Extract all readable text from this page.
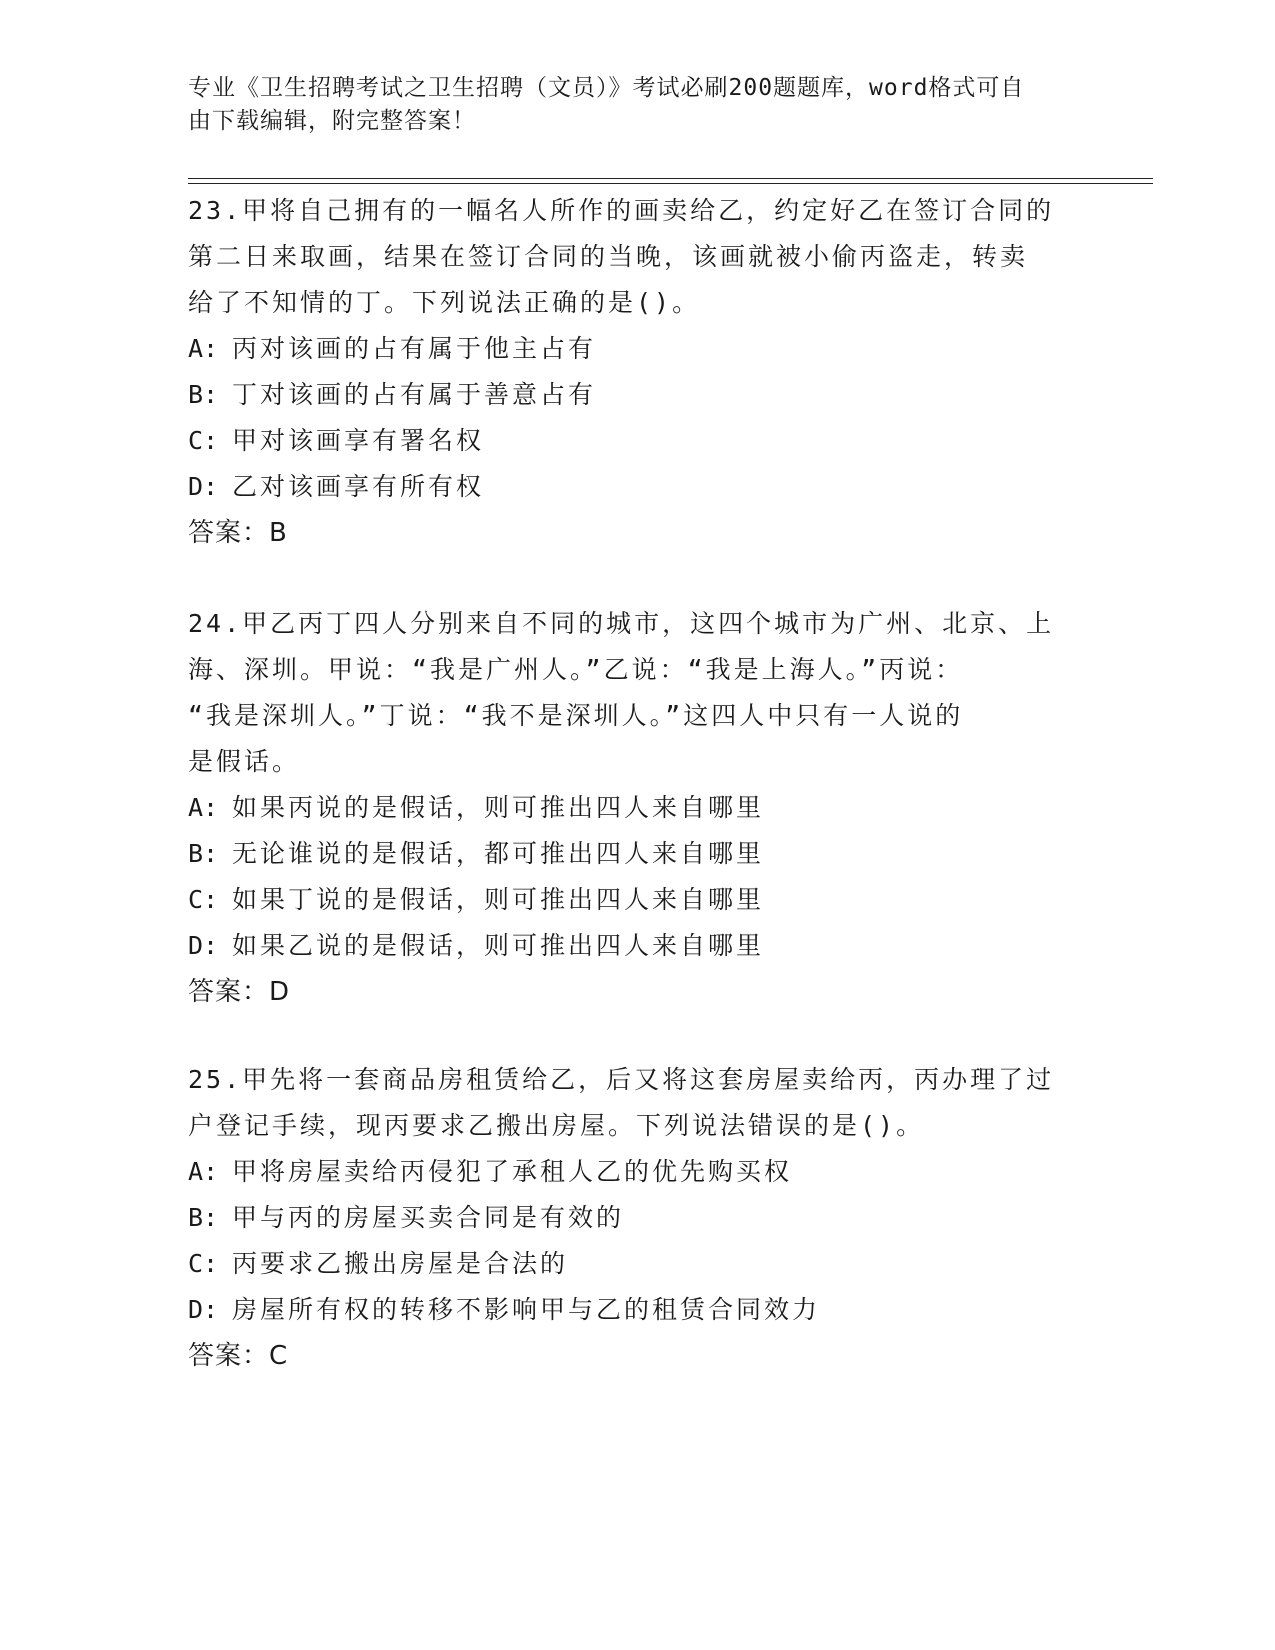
专业《卫生招聘考试之卫生招聘（文员）》考试必刷200题题库，word格式可自
由下载编辑，附完整答案！
23.甲将自己拥有的一幅名人所作的画卖给乙，约定好乙在签订合同的
第二日来取画，结果在签订合同的当晚，该画就被小偷丙盗走，转卖
给了不知情的丁。下列说法正确的是()。
A: 丙对该画的占有属于他主占有
B: 丁对该画的占有属于善意占有
C: 甲对该画享有署名权
D: 乙对该画享有所有权
答案：B
24.甲乙丙丁四人分别来自不同的城市，这四个城市为广州、北京、上
海、深圳。甲说：“我是广州人。”乙说：“我是上海人。”丙说：
“我是深圳人。”丁说：“我不是深圳人。”这四人中只有一人说的
是假话。
A: 如果丙说的是假话，则可推出四人来自哪里
B: 无论谁说的是假话，都可推出四人来自哪里
C: 如果丁说的是假话，则可推出四人来自哪里
D: 如果乙说的是假话，则可推出四人来自哪里
答案：D
25.甲先将一套商品房租赁给乙，后又将这套房屋卖给丙，丙办理了过
户登记手续，现丙要求乙搬出房屋。下列说法错误的是()。
A: 甲将房屋卖给丙侵犯了承租人乙的优先购买权
B: 甲与丙的房屋买卖合同是有效的
C: 丙要求乙搬出房屋是合法的
D: 房屋所有权的转移不影响甲与乙的租赁合同效力
答案：C
